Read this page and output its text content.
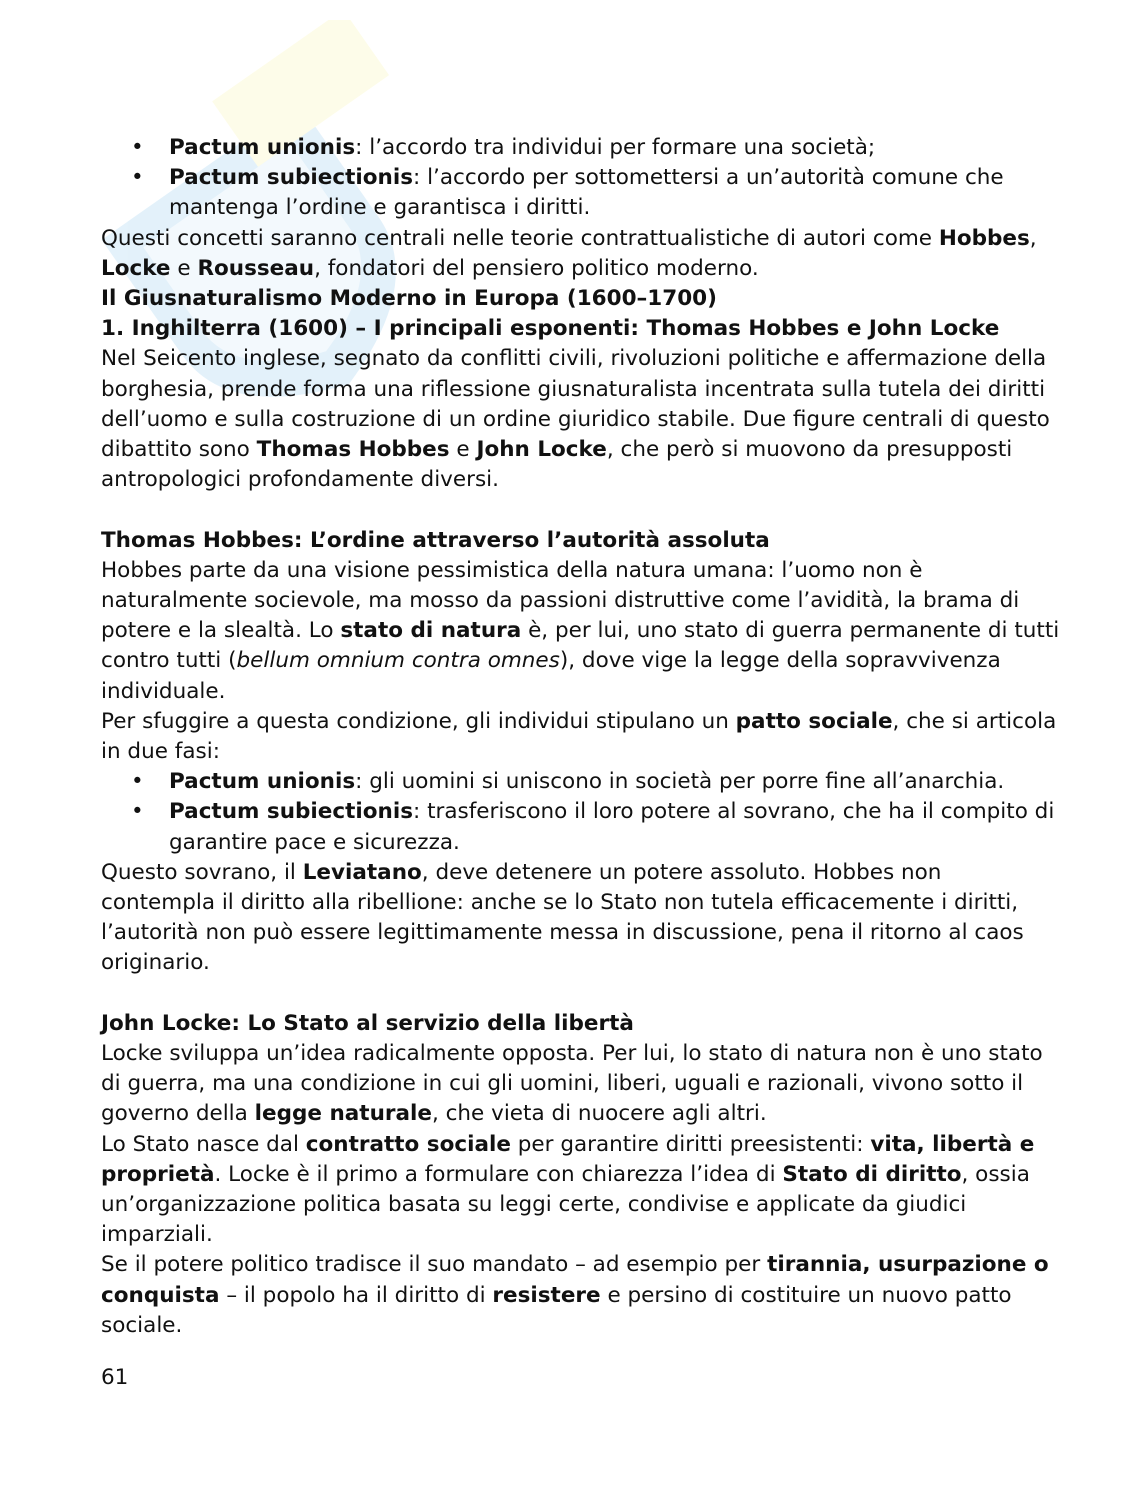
• Pactum unionis: l’accordo tra individui per formare una società;
• Pactum subiectionis: l’accordo per sottomettersi a un’autorità comune che mantenga l’ordine e garantisca i diritti.

Questi concetti saranno centrali nelle teorie contrattualistiche di autori come Hobbes, Locke e Rousseau, fondatori del pensiero politico moderno.

Il Giusnaturalismo Moderno in Europa (1600–1700)

1. Inghilterra (1600) – I principali esponenti: Thomas Hobbes e John Locke

Nel Seicento inglese, segnato da conflitti civili, rivoluzioni politiche e affermazione della borghesia, prende forma una riflessione giusnaturalista incentrata sulla tutela dei diritti dell’uomo e sulla costruzione di un ordine giuridico stabile. Due figure centrali di questo dibattito sono Thomas Hobbes e John Locke, che però si muovono da presupposti antropologici profondamente diversi.

Thomas Hobbes: L’ordine attraverso l’autorità assoluta

Hobbes parte da una visione pessimistica della natura umana: l’uomo non è naturalmente socievole, ma mosso da passioni distruttive come l’avidità, la brama di potere e la slealtà. Lo stato di natura è, per lui, uno stato di guerra permanente di tutti contro tutti (bellum omnium contra omnes), dove vige la legge della sopravvivenza individuale.

Per sfuggire a questa condizione, gli individui stipulano un patto sociale, che si articola in due fasi:

• Pactum unionis: gli uomini si uniscono in società per porre fine all’anarchia.
• Pactum subiectionis: trasferiscono il loro potere al sovrano, che ha il compito di garantire pace e sicurezza.

Questo sovrano, il Leviatano, deve detenere un potere assoluto. Hobbes non contempla il diritto alla ribellione: anche se lo Stato non tutela efficacemente i diritti, l’autorità non può essere legittimamente messa in discussione, pena il ritorno al caos originario.

John Locke: Lo Stato al servizio della libertà

Locke sviluppa un’idea radicalmente opposta. Per lui, lo stato di natura non è uno stato di guerra, ma una condizione in cui gli uomini, liberi, uguali e razionali, vivono sotto il governo della legge naturale, che vieta di nuocere agli altri.

Lo Stato nasce dal contratto sociale per garantire diritti preesistenti: vita, libertà e proprietà. Locke è il primo a formulare con chiarezza l’idea di Stato di diritto, ossia un’organizzazione politica basata su leggi certe, condivise e applicate da giudici imparziali.

Se il potere politico tradisce il suo mandato – ad esempio per tirannia, usurpazione o conquista – il popolo ha il diritto di resistere e persino di costituire un nuovo patto sociale.

61
